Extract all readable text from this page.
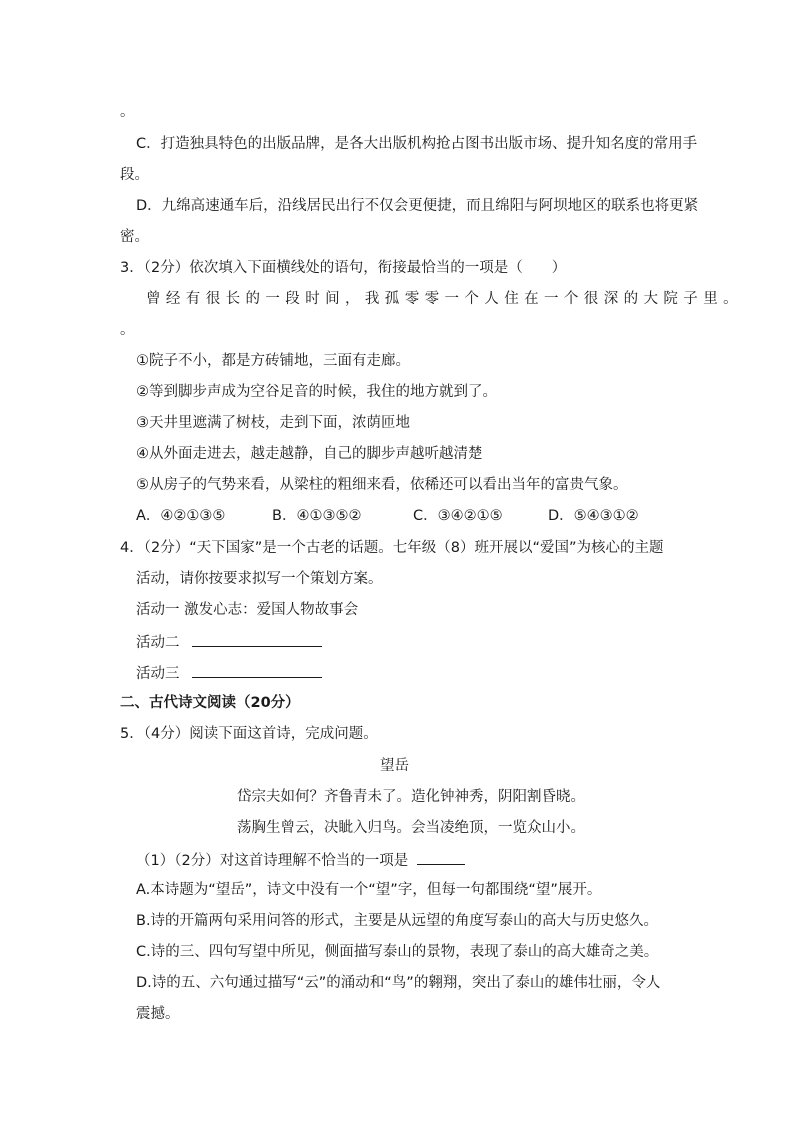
。
C．打造独具特色的出版品牌，是各大出版机构抢占图书出版市场、提升知名度的常用手
段。
D．九绵高速通车后，沿线居民出行不仅会更便捷，而且绵阳与阿坝地区的联系也将更紧
密。
3．（2分）依次填入下面横线处的语句，衔接最恰当的一项是（　　）
曾经有很长的一段时间，我孤零零一个人住在一个很深的大院子里。
。
①院子不小，都是方砖铺地，三面有走廊。
②等到脚步声成为空谷足音的时候，我住的地方就到了。
③天井里遮满了树枝，走到下面，浓荫匝地
④从外面走进去，越走越静，自己的脚步声越听越清楚
⑤从房子的气势来看，从梁柱的粗细来看，依稀还可以看出当年的富贵气象。
A．④②①③⑤	B．④①③⑤②	C．③④②①⑤	D．⑤④③①②
4．（2分）“天下国家”是一个古老的话题。七年级（8）班开展以“爱国”为核心的主题
活动，请你按要求拟写一个策划方案。
活动一 激发心志：爱国人物故事会
活动二
活动三
二、古代诗文阅读（20分）
5．（4分）阅读下面这首诗，完成问题。
望岳
岱宗夫如何？齐鲁青未了。造化钟神秀，阴阳割昏晓。
荡胸生曾云，决眦入归鸟。会当凌绝顶，一览众山小。
（1）（2分）对这首诗理解不恰当的一项是
A.本诗题为“望岳”，诗文中没有一个“望”字，但每一句都围绕“望”展开。
B.诗的开篇两句采用问答的形式，主要是从远望的角度写泰山的高大与历史悠久。
C.诗的三、四句写望中所见，侧面描写泰山的景物，表现了泰山的高大雄奇之美。
D.诗的五、六句通过描写“云”的涌动和“鸟”的翱翔，突出了泰山的雄伟壮丽，令人
震撼。
